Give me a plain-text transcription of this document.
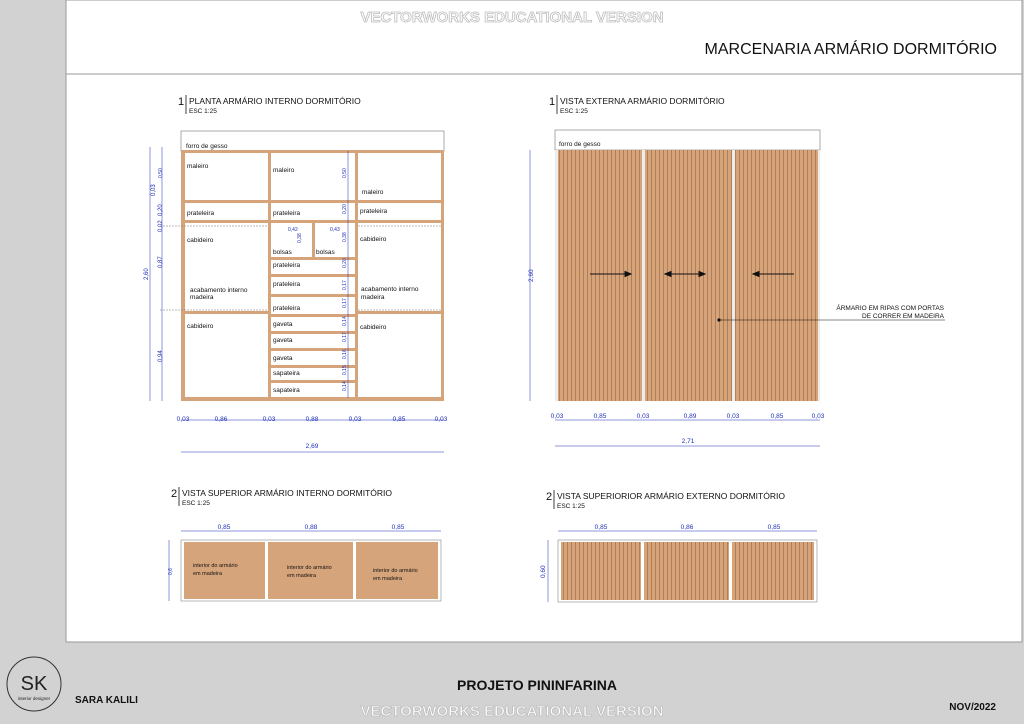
VECTORWORKS EDUCATIONAL VERSION
MARCENARIA ARMÁRIO DORMITÓRIO
1 PLANTA ARMÁRIO INTERNO DORMITÓRIO
ESC 1:25
forro de gesso
maleiro
maleiro
maleiro
prateleira	prateleira	prateleira
cabideiro	cabideiro
bolsas	bolsas
prateleira
prateleira
prateleira
acabamento interno
madeira
acabamento interno
madeira
cabideiro	cabideiro
gaveta
gaveta
gaveta
sapateira
sapateira
0,42	0,43
0,38
0,50
0,20
0,38
0,20
0,17
0,17
0,14
0,17
0,16
0,15
0,14
2,60
0,03
0,50
0,20
0,02
0,87
0,94
0,03	0,86	0,03	0,88	0,03	0,85	0,03
2,69
1 VISTA EXTERNA ARMÁRIO DORMITÓRIO
ESC 1:25
forro de gesso
ÁRMARIO EM RIPAS COM PORTAS
DE CORRER EM MADEIRA
2,60
0,03	0,85	0,03	0,89	0,03	0,85	0,03
2,71
2 VISTA SUPERIOR ARMÁRIO INTERNO DORMITÓRIO
ESC 1:25
0,85	0,88	0,85
0,6
interior do armário
em madeira
interior do armário
em madeira
interior do armário
em madeira
2 VISTA SUPERIORIOR ARMÁRIO EXTERNO DORMITÓRIO
ESC 1:25
0,85	0,86	0,85
0,60
SK
interior designer SARA KALILI
PROJETO PININFARINA
NOV/2022
VECTORWORKS EDUCATIONAL VERSION
